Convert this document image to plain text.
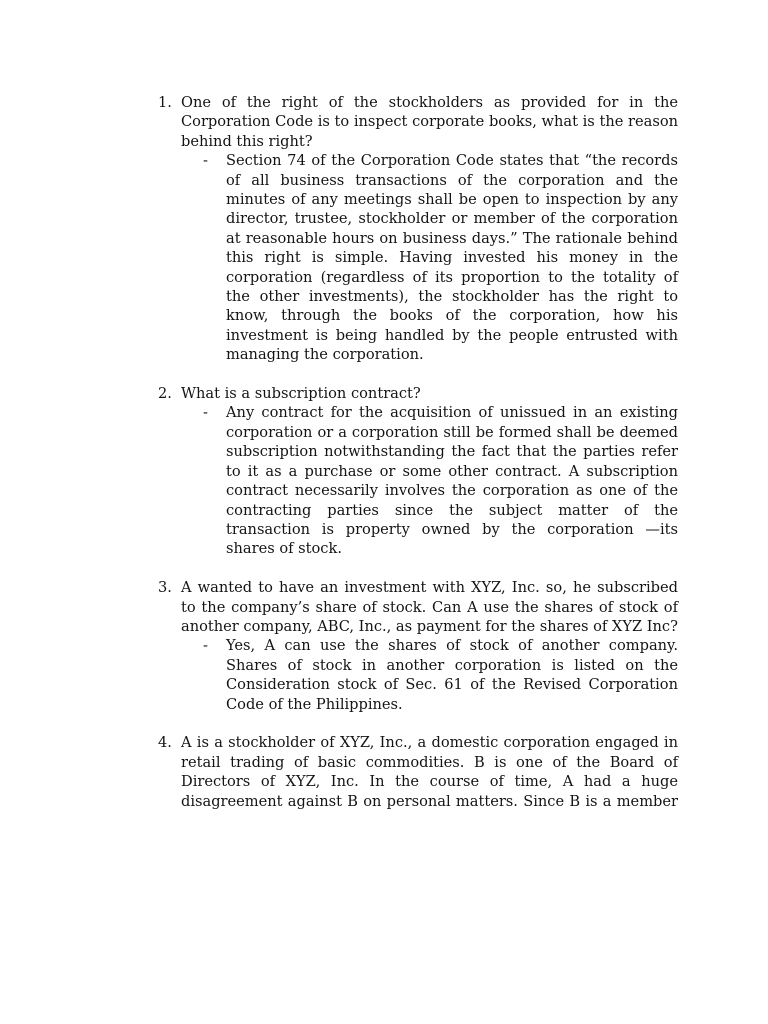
1. One of the right of the stockholders as provided for in the Corporation Code is to inspect corporate books, what is the reason behind this right?
- Section 74 of the Corporation Code states that “the records of all business transactions of the corporation and the minutes of any meetings shall be open to inspection by any director, trustee, stockholder or member of the corporation at reasonable hours on business days.” The rationale behind this right is simple. Having invested his money in the corporation (regardless of its proportion to the totality of the other investments), the stockholder has the right to know, through the books of the corporation, how his investment is being handled by the people entrusted with managing the corporation.
2. What is a subscription contract?
- Any contract for the acquisition of unissued in an existing corporation or a corporation still be formed shall be deemed subscription notwithstanding the fact that the parties refer to it as a purchase or some other contract. A subscription contract necessarily involves the corporation as one of the contracting parties since the subject matter of the transaction is property owned by the corporation —its shares of stock.
3. A wanted to have an investment with XYZ, Inc. so, he subscribed to the company’s share of stock. Can A use the shares of stock of another company, ABC, Inc., as payment for the shares of XYZ Inc?
- Yes, A can use the shares of stock of another company. Shares of stock in another corporation is listed on the Consideration stock of Sec. 61 of the Revised Corporation Code of the Philippines.
4. A is a stockholder of XYZ, Inc., a domestic corporation engaged in retail trading of basic commodities. B is one of the Board of Directors of XYZ, Inc. In the course of time, A had a huge disagreement against B on personal matters. Since B is a member
